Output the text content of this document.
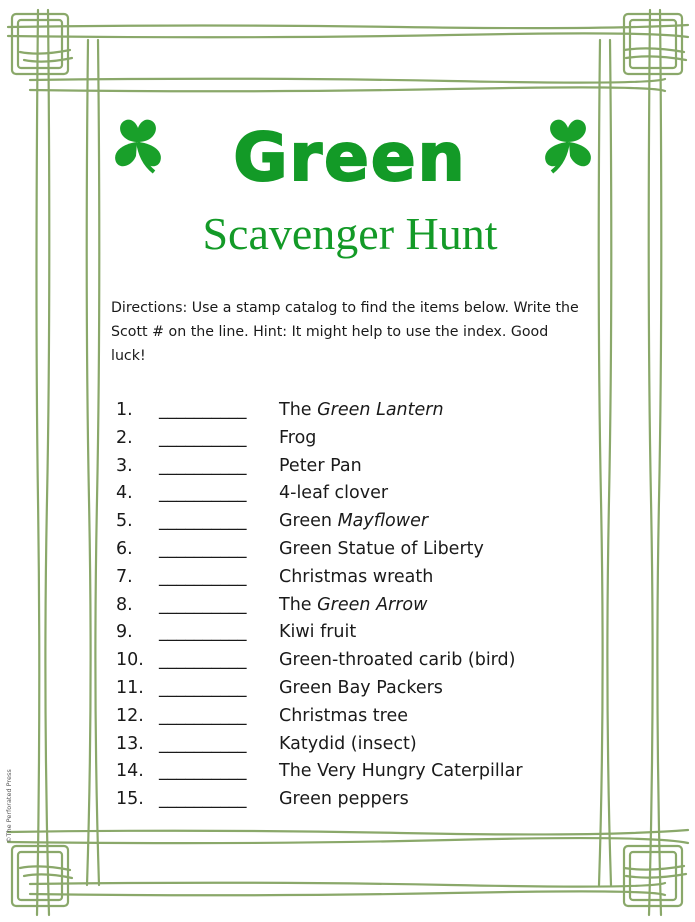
Green
Scavenger Hunt
Directions: Use a stamp catalog to find the items below. Write the Scott # on the line. Hint: It might help to use the index. Good luck!
1. __________ The Green Lantern
2. __________ Frog
3. __________ Peter Pan
4. __________ 4-leaf clover
5. __________ Green Mayflower
6. __________ Green Statue of Liberty
7. __________ Christmas wreath
8. __________ The Green Arrow
9. __________ Kiwi fruit
10. __________ Green-throated carib (bird)
11. __________ Green Bay Packers
12. __________ Christmas tree
13. __________ Katydid (insect)
14. __________ The Very Hungry Caterpillar
15. __________ Green peppers
©The Perforated Press
